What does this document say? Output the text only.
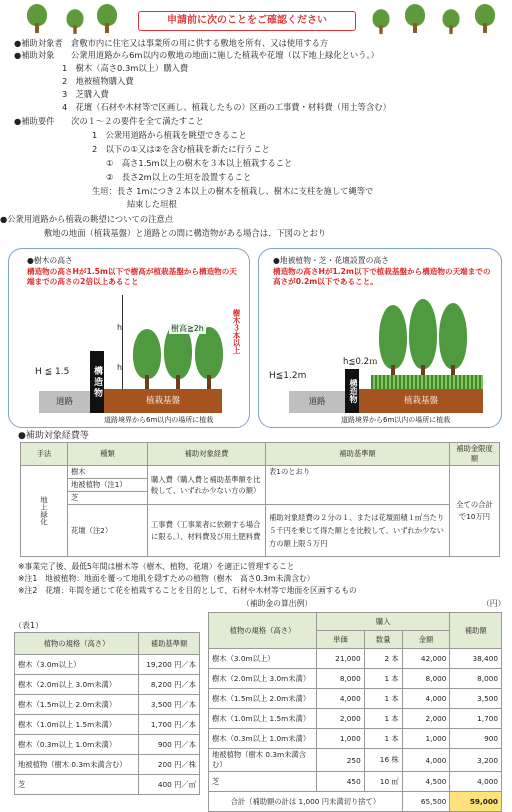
申請前に次のことをご確認ください
●補助対象者　倉敷市内に住宅又は事業所の用に供する敷地を所有、又は使用する方
●補助対象　　公衆用道路から6m以内の敷地の地面に施した植栽や花壇（以下地上緑化という。）
1　樹木（高さ0.3m以上）購入費
2　地被植物購入費
3　芝購入費
4　花壇（石材や木材等で区画し、植栽したもの）区画の工事費・材料費（用土等含む）
●補助要件　　次の１～２の要件を全て満たすこと
1　公衆用道路から植栽を眺望できること
2　以下の①又は②を含む植栽を新たに行うこと
①　高さ1.5m以上の樹木を３本以上植栽すること
②　長さ2m以上の生垣を設置すること
生垣：長さ 1mにつき２本以上の樹木を植栽し、樹木に支柱を施して縄等で
結束した垣根
●公衆用道路から植栽の眺望についての注意点
敷地の地面（植栽基盤）と道路との間に構造物がある場合は、下図のとおり
●樹木の高さ
構造物の高さHが1.5m以下で樹高が植栽基盤から構造物の天端までの高さの2倍以上あること
樹高≧2h	樹木３本以上
h
h
植栽基盤
構造物
道路
H ≦ 1.5
道路境界から6m以内の場所に植栽
●地被植物・芝・花壇設置の高さ
構造物の高さHが1.2m以下で植栽基盤から構造物の天端までの高さが0.2m以下であること。
h≦0.2ｍ
植栽基盤
構造物
道路
H≦1.2m
道路境界から6m以内の場所に植栽
●補助対象経費等
手法	種類	補助対象経費	補助基準額	補助金限度額
地上緑化	樹木	購入費（購入費と補助基準額を比較して、いずれか少ない方の額）	表1のとおり	全ての合計で10万円
	地被植物（注1）			
	芝			
	花壇（注2）	工事費（工事業者に依頼する場合に限る。）、材料費及び用土肥料費	補助対象経費の２分の１、または花壇面積１㎡当たり５千円を乗じて得た額とを比較して、いずれか少ない方の額上限５万円	
※事業完了後、最低5年間は樹木等（樹木、植物、花壇）を適正に管理すること
※注1　地被植物：地面を覆って地肌を隠すための植物（樹木　高さ0.3m未満含む）
※注2　花壇：年間を通じて花を植栽することを目的として、石材や木材等で地面を区画するもの
（補助金の算出例）	（円）
（表1）
植物の規格（高さ）	補助基準額
樹木（3.0m以上）	19,200 円／本
樹木（2.0m以上 3.0m未満）	8,200 円／本
樹木（1.5m以上 2.0m未満）	3,500 円／本
樹木（1.0m以上 1.5m未満）	1,700 円／本
樹木（0.3m以上 1.0m未満）	900 円／本
地被植物（樹木 0.3m未満含む）	200 円／株
芝	400 円／㎡
植物の規格（高さ）	購入			補助額
	単価	数量	金額	
樹木（3.0m以上）	21,000	2 本	42,000	38,400
樹木（2.0m以上 3.0m未満）	8,000	1 本	8,000	8,000
樹木（1.5m以上 2.0m未満）	4,000	1 本	4,000	3,500
樹木（1.0m以上 1.5m未満）	2,000	1 本	2,000	1,700
樹木（0.3m以上 1.0m未満）	1,000	1 本	1,000	900
地被植物（樹木 0.3m未満含む）	250	16 株	4,000	3,200
芝	450	10 ㎡	4,500	4,000
合計（補助額の計は 1,000 円未満切り捨て）			65,500	59,000
